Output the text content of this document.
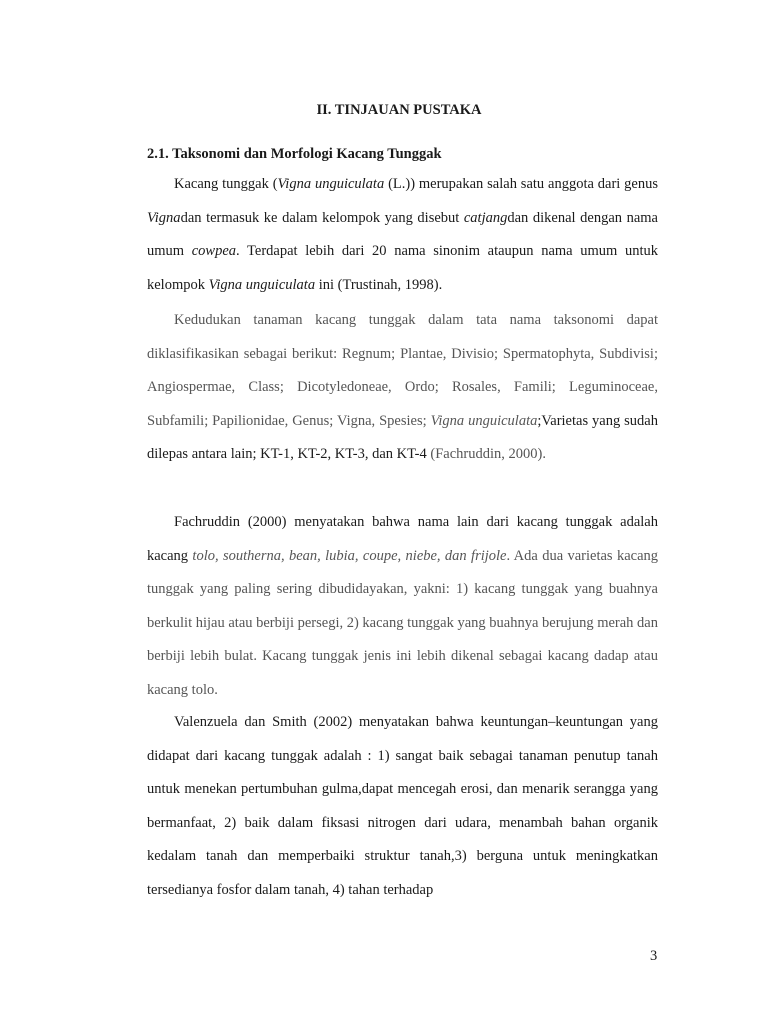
II. TINJAUAN PUSTAKA
2.1. Taksonomi dan Morfologi Kacang Tunggak

Kacang tunggak (Vigna unguiculata (L.)) merupakan salah satu anggota dari genus Vignadan termasuk ke dalam kelompok yang disebut catjangdan dikenal dengan nama umum cowpea. Terdapat lebih dari 20 nama sinonim ataupun nama umum untuk kelompok Vigna unguiculata ini (Trustinah, 1998).

Kedudukan tanaman kacang tunggak dalam tata nama taksonomi dapat diklasifikasikan sebagai berikut: Regnum; Plantae, Divisio; Spermatophyta, Subdivisi; Angiospermae, Class; Dicotyledoneae, Ordo; Rosales, Famili; Leguminoceae, Subfamili; Papilionidae, Genus; Vigna, Spesies; Vigna unguiculata;Varietas yang sudah dilepas antara lain; KT-1, KT-2, KT-3, dan KT-4 (Fachruddin, 2000).

Fachruddin (2000) menyatakan bahwa nama lain dari kacang tunggak adalah kacang tolo, southerna, bean, lubia, coupe, niebe, dan frijole. Ada dua varietas kacang tunggak yang paling sering dibudidayakan, yakni: 1) kacang tunggak yang buahnya berkulit hijau atau berbiji persegi, 2) kacang tunggak yang buahnya berujung merah dan berbiji lebih bulat. Kacang tunggak jenis ini lebih dikenal sebagai kacang dadap atau kacang tolo.

Valenzuela dan Smith (2002) menyatakan bahwa keuntungan–keuntungan yang didapat dari kacang tunggak adalah : 1) sangat baik sebagai tanaman penutup tanah untuk menekan pertumbuhan gulma,dapat mencegah erosi, dan menarik serangga yang bermanfaat, 2) baik dalam fiksasi nitrogen dari udara, menambah bahan organik kedalam tanah dan memperbaiki struktur tanah,3) berguna untuk meningkatkan tersedianya fosfor dalam tanah, 4) tahan terhadap

3
